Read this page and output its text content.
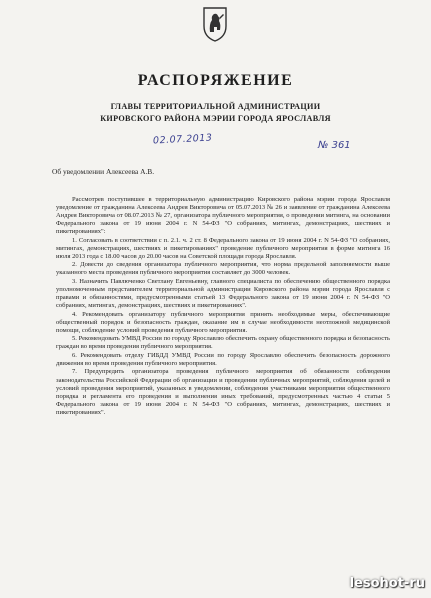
РАСПОРЯЖЕНИЕ
ГЛАВЫ ТЕРРИТОРИАЛЬНОЙ АДМИНИСТРАЦИИ
КИРОВСКОГО РАЙОНА МЭРИИ ГОРОДА ЯРОСЛАВЛЯ
02.07.2013	№ 361
Об уведомлении Алексеева А.В.

Рассмотрев поступившее в территориальную администрацию Кировского района мэрии города Ярославля уведомление от гражданина Алексеева Андрея Викторовича от 05.07.2013 № 26 и заявление от гражданина Алексеева Андрея Викторовича от 08.07.2013 № 27, организатора публичного мероприятия, о проведении митинга, на основании Федерального закона от 19 июня 2004 г. N 54-ФЗ "О собраниях, митингах, демонстрациях, шествиях и пикетированиях":

1. Согласовать в соответствии с п. 2.1. ч. 2 ст. 8 Федерального закона от 19 июня 2004 г. N 54-ФЗ "О собраниях, митингах, демонстрациях, шествиях и пикетированиях" проведение публичного мероприятия в форме митинга 16 июля 2013 года с 18.00 часов до 20.00 часов на Советской площади города Ярославля.

2. Довести до сведения организатора публичного мероприятия, что норма предельной заполняемости выше указанного места проведения публичного мероприятия составляет до 3000 человек.

3. Назначить Павлюченко Светлану Евгеньевну, главного специалиста по обеспечению общественного порядка уполномоченным представителем территориальной администрации Кировского района мэрии города Ярославля с правами и обязанностями, предусмотренными статьей 13 Федерального закона от 19 июня 2004 г. N 54-ФЗ "О собраниях, митингах, демонстрациях, шествиях и пикетированиях".

4. Рекомендовать организатору публичного мероприятия принять необходимые меры, обеспечивающие общественный порядок и безопасность граждан, оказание им в случае необходимости неотложной медицинской помощи, соблюдение условий проведения публичного мероприятия.

5. Рекомендовать УМВД России по городу Ярославлю обеспечить охрану общественного порядка и безопасность граждан во время проведения публичного мероприятия.

6. Рекомендовать отделу ГИБДД УМВД России по городу Ярославлю обеспечить безопасность дорожного движения во время проведения публичного мероприятия.

7. Предупредить организатора проведения публичного мероприятия об обязанности соблюдения законодательства Российской Федерации об организации и проведении публичных мероприятий, соблюдения целей и условий проведения мероприятий, указанных в уведомлении, соблюдения участниками мероприятия общественного порядка и регламента его проведения и выполнения иных требований, предусмотренных частью 4 статьи 5 Федерального закона от 19 июня 2004 г. N 54-ФЗ "О собраниях, митингах, демонстрациях, шествиях и пикетированиях".

lesohot-ru
